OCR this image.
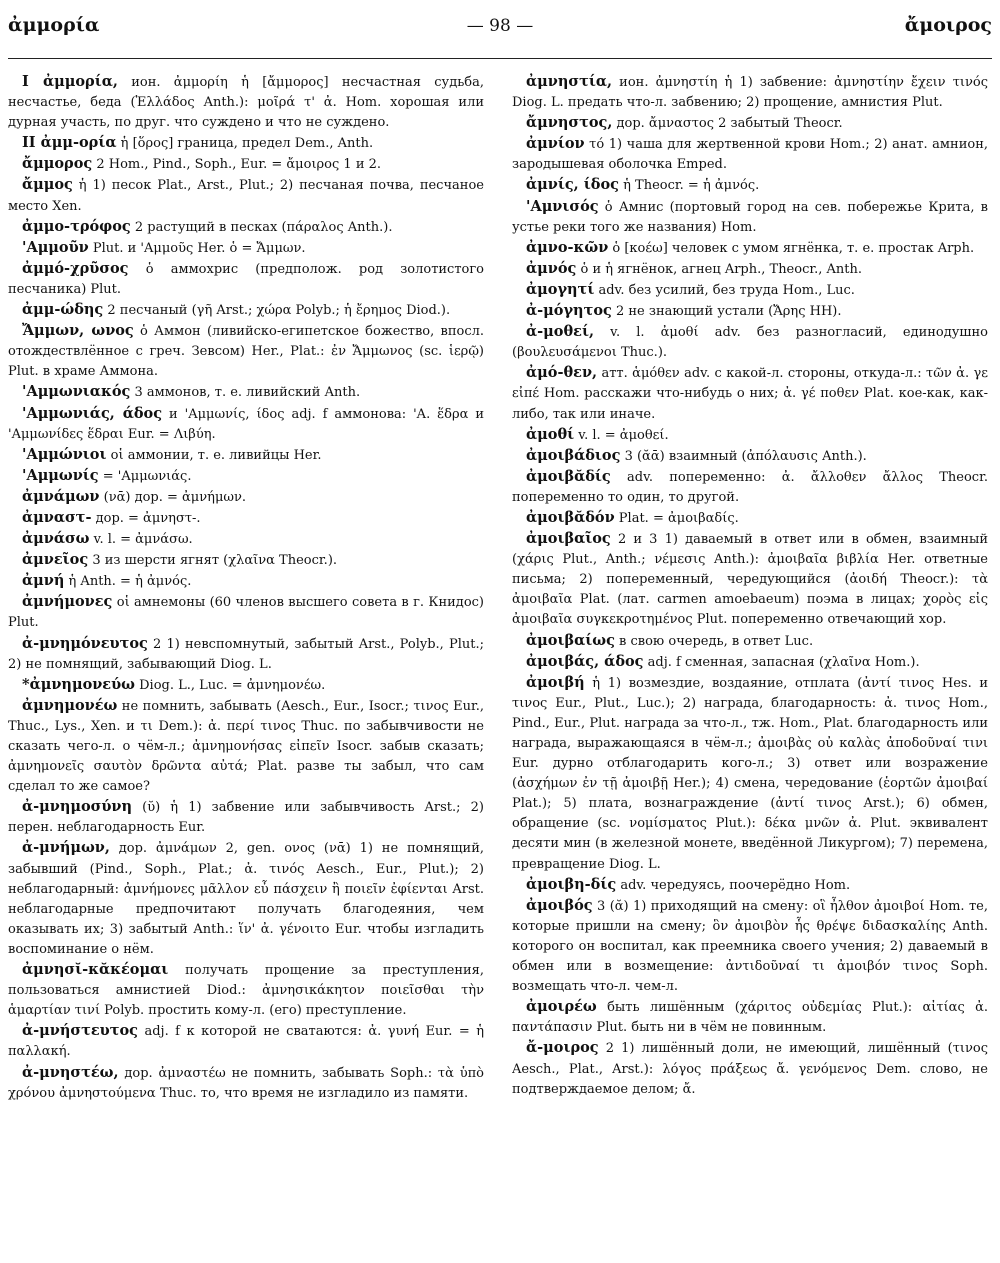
ἀμμορία	— 98 —	ἄμοιρος

I ἀμμορία, ион. ἀμμορίη ἡ [ἄμμορος] несчастная судьба, несчастье, беда (Ἑλλάδος Anth.): μοῖρά τ' ἀ. Hom. хорошая или дурная участь, по друг. что суждено и что не суждено.

II ἀμμ-ορία ἡ [ὅρος] граница, предел Dem., Anth.

ἄμμορος 2 Hom., Pind., Soph., Eur. = ἄμοιρος 1 и 2.

ἄμμος ἡ 1) песок Plat., Arst., Plut.; 2) песчаная почва, песчаное место Xen.

ἀμμο-τρόφος 2 растущий в песках (πάραλος Anth.).

'Αμμοῦν Plut. и 'Αμμοῦς Her. ὁ = Ἄμμων.

ἀμμό-χρῦσος ὁ аммохрис (предполож. род золотистого песчаника) Plut.

ἀμμ-ώδης 2 песчаный (γῆ Arst.; χώρα Polyb.; ἡ ἔρημος Diod.).

Ἄμμων, ωνος ὁ Аммон (ливийско-египетское божество, впосл. отождествлённое с греч. Зевсом) Her., Plat.: ἐν Ἄμμωνος (sc. ἱερῷ) Plut. в храме Аммона.

'Αμμωνιακός 3 аммонов, т. е. ливийский Anth.

'Αμμωνιάς, άδος и 'Αμμωνίς, ίδος adj. f аммонова: 'Α. ἕδρα и 'Αμμωνίδες ἕδραι Eur. = Λιβύη.

'Αμμώνιοι οἱ аммонии, т. е. ливийцы Her.

'Αμμωνίς = 'Αμμωνιάς.

ἀμνάμων (νᾱ) дор. = ἀμνήμων.

ἀμναστ- дор. = ἀμνηστ-.

ἀμνάσω v. l. = ἀμνάσω.

ἀμνεῖος 3 из шерсти ягнят (χλαῖνα Theocr.).

ἀμνή ἡ Anth. = ἡ ἀμνός.

ἀμνήμονες οἱ амнемоны (60 членов высшего совета в г. Книдос) Plut.

ἀ-μνημόνευτος 2 1) невспомнутый, забытый Arst., Polyb., Plut.; 2) не помнящий, забывающий Diog. L.

*ἀμνημονεύω Diog. L., Luc. = ἀμνημονέω.

ἀμνημονέω не помнить, забывать (Aesch., Eur., Isocr.; τινος Eur., Thuc., Lys., Xen. и τι Dem.): ἀ. περί τινος Thuc. по забывчивости не сказать чего-л. о чём-л.; ἀμνημονήσας εἰπεῖν Isocr. забыв сказать; ἀμνημονεῖς σαυτὸν δρῶντα αὐτά; Plat. разве ты забыл, что сам сделал то же самое?

ἀ-μνημοσύνη (ῠ) ἡ 1) забвение или забывчивость Arst.; 2) перен. неблагодарность Eur.

ἀ-μνήμων, дор. ἀμνάμων 2, gen. ονος (νᾱ) 1) не помнящий, забывший (Pind., Soph., Plat.; ἀ. τινός Aesch., Eur., Plut.); 2) неблагодарный: ἀμνήμονες μᾶλλον εὖ πάσχειν ἢ ποιεῖν ἐφίενται Arst. неблагодарные предпочитают получать благодеяния, чем оказывать их; 3) забытый Anth.: ἵν' ἀ. γένοιτο Eur. чтобы изгладить воспоминание о нём.

ἀμνησῐ-κᾰκέομαι получать прощение за преступления, пользоваться амнистией Diod.: ἀμνησικάκητον ποιεῖσθαι τὴν ἁμαρτίαν τινί Polyb. простить кому-л. (его) преступление.

ἀ-μνήστευτος adj. f к которой не сватаются: ἀ. γυνή Eur. = ἡ παλλακή.

ἀ-μνηστέω, дор. ἀμναστέω не помнить, забывать Soph.: τὰ ὑπὸ χρόνου ἀμνηστούμενα Thuc. то, что время не изгладило из памяти.

ἀμνηστία, ион. ἀμνηστίη ἡ 1) забвение: ἀμνηστίην ἔχειν τινός Diog. L. предать что-л. забвению; 2) прощение, амнистия Plut.

ἄμνηστος, дор. ἄμναστος 2 забытый Theocr.

ἀμνίον τό 1) чаша для жертвенной крови Hom.; 2) анат. амнион, зародышевая оболочка Emped.

ἀμνίς, ίδος ἡ Theocr. = ἡ ἀμνός.

'Αμνισός ὁ Амнис (портовый город на сев. побережье Крита, в устье реки того же названия) Hom.

ἀμνο-κῶν ὁ [κοέω] человек с умом ягнёнка, т. е. простак Arph.

ἀμνός ὁ и ἡ ягнёнок, агнец Arph., Theocr., Anth.

ἀμογητί adv. без усилий, без труда Hom., Luc.

ἀ-μόγητος 2 не знающий устали (Ἄρης HH).

ἀ-μοθεί, v. l. ἀμοθί adv. без разногласий, единодушно (βουλευσάμενοι Thuc.).

ἀμό-θεν, атт. ἁμόθεν adv. с какой-л. стороны, откуда-л.: τῶν ἀ. γε εἰπέ Hom. расскажи что-нибудь о них; ἀ. γέ ποθεν Plat. кое-как, как-либо, так или иначе.

ἀμοθί v. l. = ἀμοθεί.

ἀμοιβάδιος 3 (ᾰᾱ) взаимный (ἀπόλαυσις Anth.).

ἀμοιβᾰδίς adv. попеременно: ἀ. ἄλλοθεν ἄλλος Theocr. попеременно то один, то другой.

ἀμοιβᾰδόν Plat. = ἀμοιβαδίς.

ἀμοιβαῖος 2 и 3 1) даваемый в ответ или в обмен, взаимный (χάρις Plut., Anth.; νέμεσις Anth.): ἀμοιβαῖα βιβλία Her. ответные письма; 2) попеременный, чередующийся (ἀοιδή Theocr.): τὰ ἀμοιβαῖα Plat. (лат. carmen amoebaeum) поэма в лицах; χορὸς εἰς ἀμοιβαῖα συγκεκροτημένος Plut. попеременно отвечающий хор.

ἀμοιβαίως в свою очередь, в ответ Luc.

ἀμοιβάς, άδος adj. f сменная, запасная (χλαῖνα Hom.).

ἀμοιβή ἡ 1) возмездие, воздаяние, отплата (ἀντί τινος Hes. и τινος Eur., Plut., Luc.); 2) награда, благодарность: ἀ. τινος Hom., Pind., Eur., Plut. награда за что-л., тж. Hom., Plat. благодарность или награда, выражающаяся в чём-л.; ἀμοιβὰς οὐ καλὰς ἀποδοῦναί τινι Eur. дурно отблагодарить кого-л.; 3) ответ или возражение (ἀσχήμων ἐν τῇ ἀμοιβῇ Her.); 4) смена, чередование (ἑορτῶν ἀμοιβαί Plat.); 5) плата, вознаграждение (ἀντί τινος Arst.); 6) обмен, обращение (sc. νομίσματος Plut.): δέκα μνῶν ἀ. Plut. эквивалент десяти мин (в железной монете, введённой Ликургом); 7) перемена, превращение Diog. L.

ἀμοιβη-δίς adv. чередуясь, поочерёдно Hom.

ἀμοιβός 3 (ᾰ) 1) приходящий на смену: οἳ ἦλθον ἀμοιβοί Hom. те, которые пришли на смену; ὃν ἀμοιβὸν ἧς θρέψε διδασκαλίης Anth. которого он воспитал, как преемника своего учения; 2) даваемый в обмен или в возмещение: ἀντιδοῦναί τι ἀμοιβόν τινος Soph. возмещать что-л. чем-л.

ἀμοιρέω быть лишённым (χάριτος οὐδεμίας Plut.): αἰτίας ἀ. παντάπασιν Plut. быть ни в чём не повинным.

ἄ-μοιρος 2 1) лишённый доли, не имеющий, лишённый (τινος Aesch., Plat., Arst.): λόγος πράξεως ἄ. γενόμενος Dem. слово, не подтверждаемое делом; ἄ.
